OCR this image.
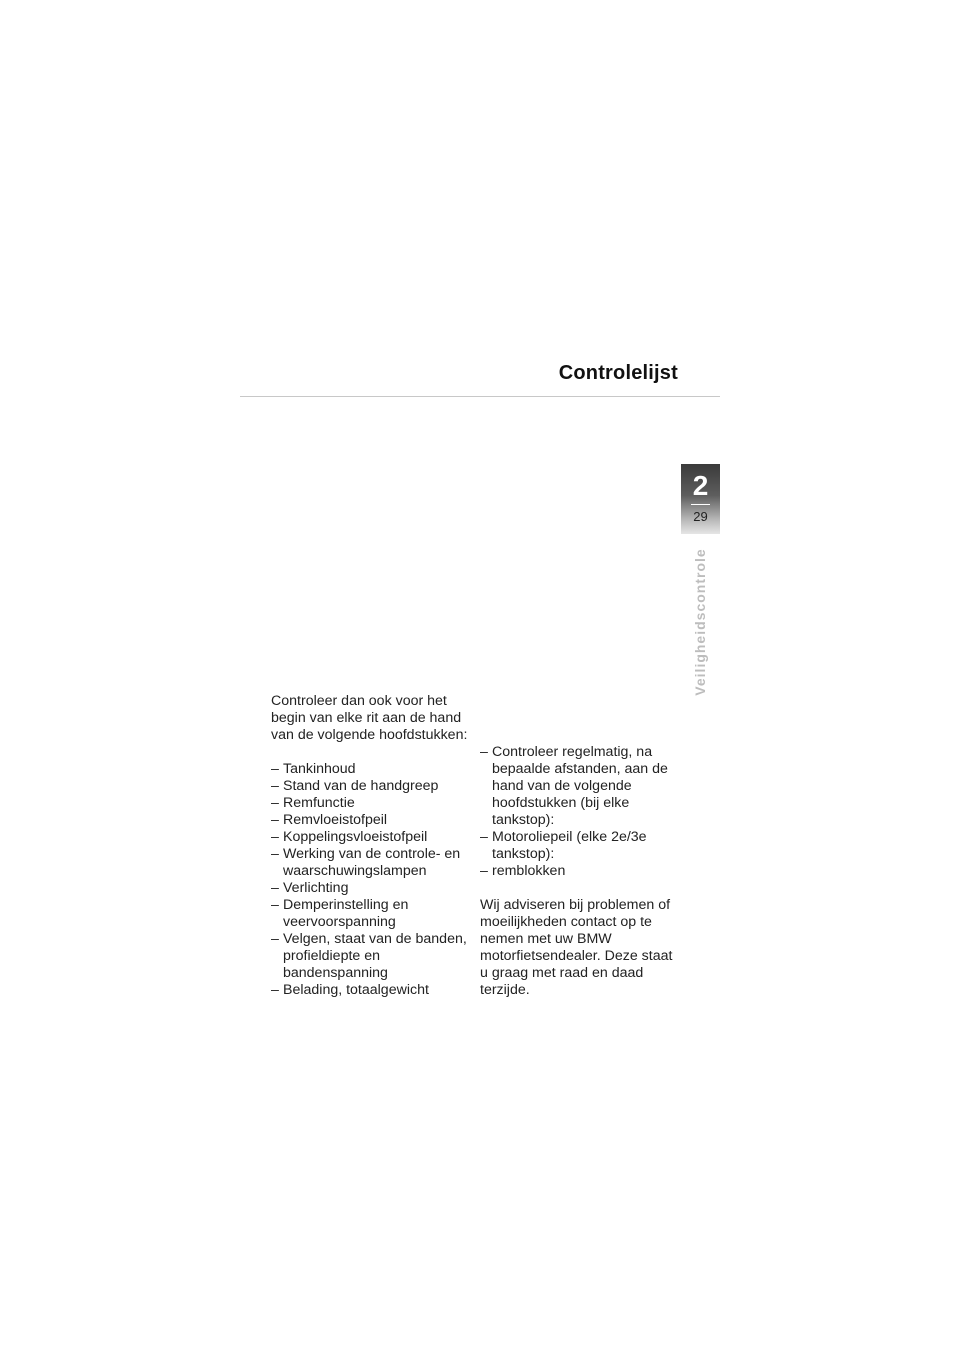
Controlelijst
2
29
Veiligheidscontrole

Controleer dan ook voor het begin van elke rit aan de hand van de volgende hoofdstukken:

– Tankinhoud
– Stand van de handgreep
– Remfunctie
– Remvloeistofpeil
– Koppelingsvloeistofpeil
– Werking van de controle- en waarschuwingslampen
– Verlichting
– Demperinstelling en veervoorspanning
– Velgen, staat van de banden, profieldiepte en bandenspanning
– Belading, totaalgewicht
– Controleer regelmatig, na bepaalde afstanden, aan de hand van de volgende hoofdstukken (bij elke tankstop):
– Motoroliepeil (elke 2e/3e tankstop):
– remblokken

Wij adviseren bij problemen of moeilijkheden contact op te nemen met uw BMW motorfietsendealer. Deze staat u graag met raad en daad terzijde.
